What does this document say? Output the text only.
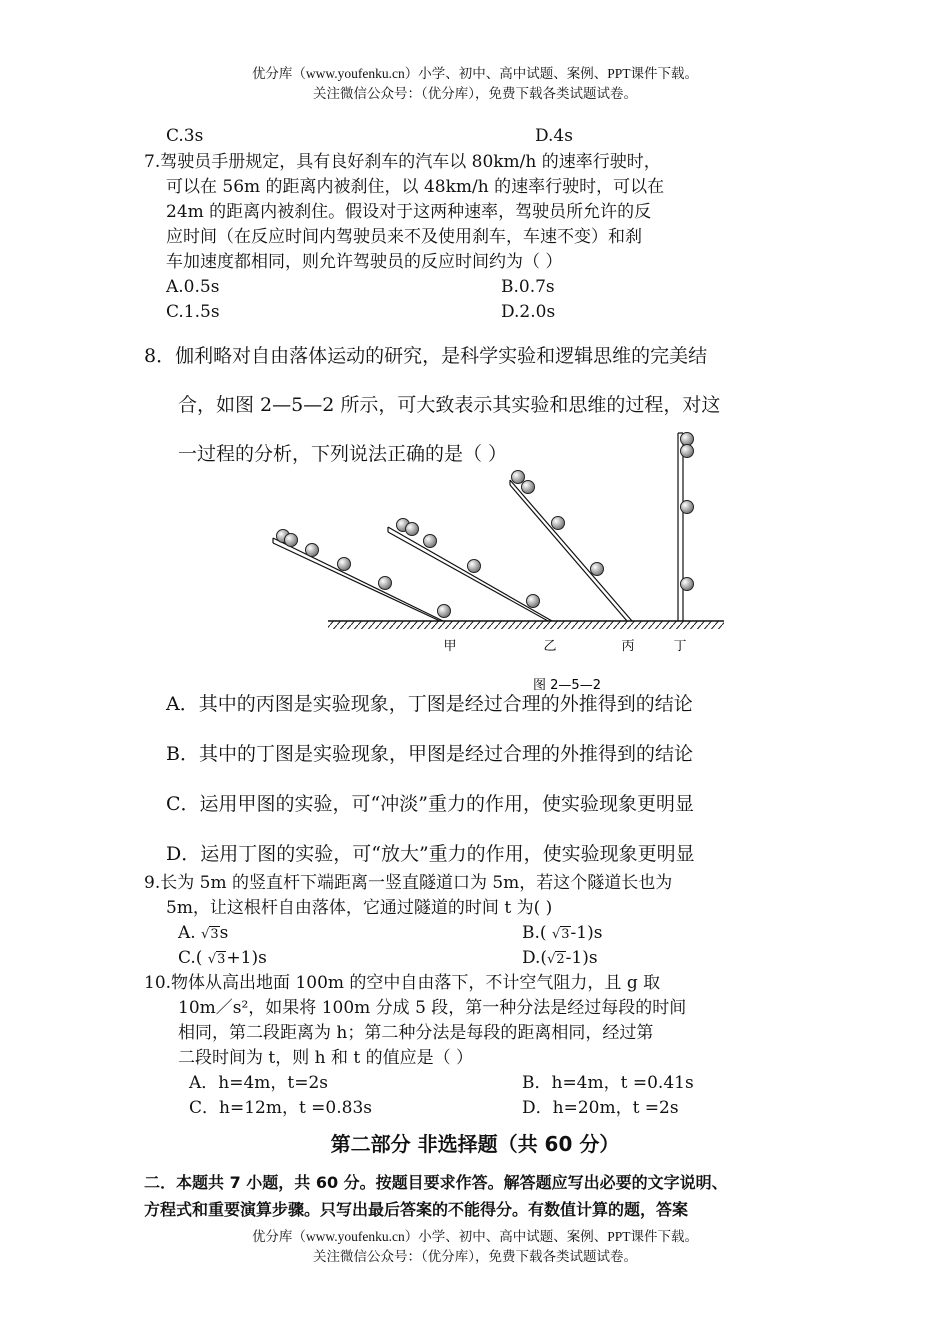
优分库（www.youfenku.cn）小学、初中、高中试题、案例、PPT课件下载。
关注微信公众号：（优分库），免费下载各类试题试卷。
C.3s	D.4s
7.驾驶员手册规定，具有良好刹车的汽车以 80km/h 的速率行驶时，
可以在 56m 的距离内被刹住，以 48km/h 的速率行驶时，可以在
24m 的距离内被刹住。假设对于这两种速率，驾驶员所允许的反
应时间（在反应时间内驾驶员来不及使用刹车，车速不变）和刹
车加速度都相同，则允许驾驶员的反应时间约为（ ）
A.0.5s	B.0.7s
C.1.5s	D.2.0s
8．伽利略对自由落体运动的研究，是科学实验和逻辑思维的完美结
合，如图 2—5—2 所示，可大致表示其实验和思维的过程，对这
一过程的分析，下列说法正确的是（ ）
甲	乙	丙	丁
图 2—5—2
A．其中的丙图是实验现象，丁图是经过合理的外推得到的结论
B．其中的丁图是实验现象，甲图是经过合理的外推得到的结论
C．运用甲图的实验，可“冲淡”重力的作用，使实验现象更明显
D．运用丁图的实验，可“放大”重力的作用，使实验现象更明显
9.长为 5m 的竖直杆下端距离一竖直隧道口为 5m，若这个隧道长也为
5m，让这根杆自由落体，它通过隧道的时间 t 为( )
A. √3s	B.( √3-1)s
C.( √3+1)s	D.(√2-1)s
10.物体从高出地面 100m 的空中自由落下，不计空气阻力，且 g 取
10m／s²，如果将 100m 分成 5 段，第一种分法是经过每段的时间
相同，第二段距离为 h；第二种分法是每段的距离相同，经过第
二段时间为 t，则 h 和 t 的值应是（ ）
A．h=4m，t=2s	B．h=4m，t =0.41s
C．h=12m，t =0.83s	D．h=20m，t =2s
第二部分 非选择题（共 60 分）
二．本题共 7 小题，共 60 分。按题目要求作答。解答题应写出必要的文字说明、
方程式和重要演算步骤。只写出最后答案的不能得分。有数值计算的题，答案
优分库（www.youfenku.cn）小学、初中、高中试题、案例、PPT课件下载。
关注微信公众号：（优分库），免费下载各类试题试卷。
